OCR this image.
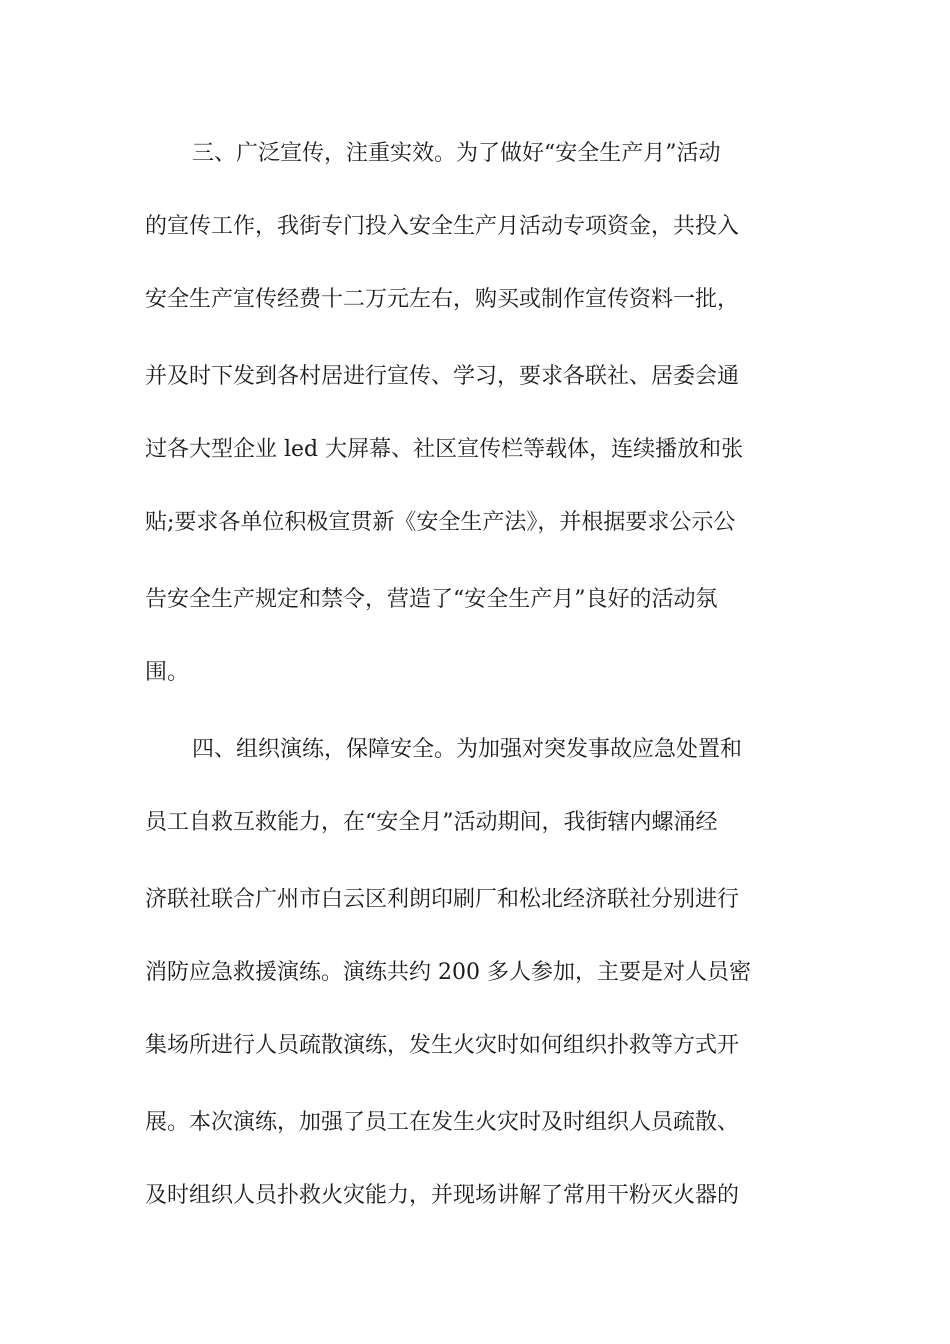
三、广泛宣传，注重实效。为了做好“安全生产月”活动
的宣传工作，我街专门投入安全生产月活动专项资金，共投入
安全生产宣传经费十二万元左右，购买或制作宣传资料一批，
并及时下发到各村居进行宣传、学习，要求各联社、居委会通
过各大型企业 led 大屏幕、社区宣传栏等载体，连续播放和张
贴;要求各单位积极宣贯新《安全生产法》，并根据要求公示公
告安全生产规定和禁令，营造了“安全生产月”良好的活动氛
围。
四、组织演练，保障安全。为加强对突发事故应急处置和
员工自救互救能力，在“安全月”活动期间，我街辖内螺涌经
济联社联合广州市白云区利朗印刷厂和松北经济联社分别进行
消防应急救援演练。演练共约 200 多人参加，主要是对人员密
集场所进行人员疏散演练，发生火灾时如何组织扑救等方式开
展。本次演练，加强了员工在发生火灾时及时组织人员疏散、
及时组织人员扑救火灾能力，并现场讲解了常用干粉灭火器的
